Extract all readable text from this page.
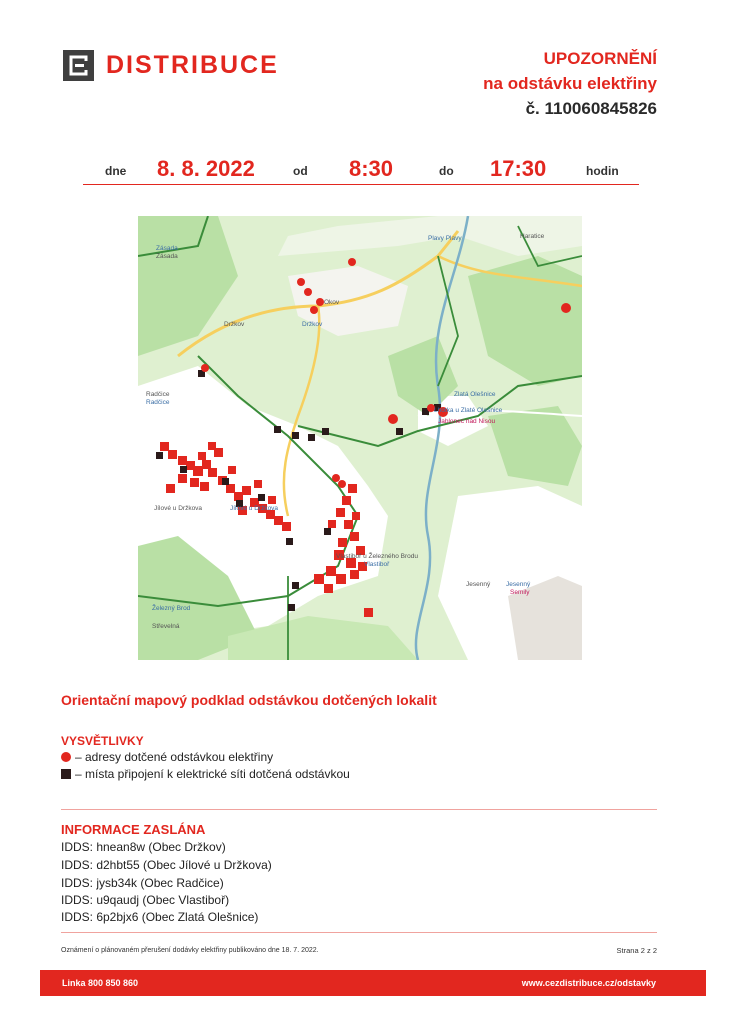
DISTRIBUCE	UPOZORNĚNÍ
na odstávku elektřiny
č. 110060845826
dne 8. 8. 2022	od 8:30	do 17:30	hodin
Zásada
Zásada
Plavy Plavy	Haratice
Okov
Držkov	Držkov
Radčice
Radčice
Zlatá Olešnice
Lhotka u Zlaté Olešnice
Jablonec nad Nisou
Jílové u Držkova	Jílové u Držkova
Vlastiboř u Železného Brodu
Vlastiboř
Jesenný Jesenný
Semily
Železný Brod
Střevelná
Orientační mapový podklad odstávkou dotčených lokalit
VYSVĚTLIVKY
– adresy dotčené odstávkou elektřiny
– místa připojení k elektrické síti dotčená odstávkou
INFORMACE ZASLÁNA
IDDS: hnean8w (Obec Držkov)
IDDS: d2hbt55 (Obec Jílové u Držkova)
IDDS: jysb34k (Obec Radčice)
IDDS: u9qaudj (Obec Vlastiboř)
IDDS: 6p2bjx6 (Obec Zlatá Olešnice)
Oznámení o plánovaném přerušení dodávky elektřiny publikováno dne 18. 7. 2022.	Strana 2 z 2
Linka 800 850 860	www.cezdistribuce.cz/odstavky
